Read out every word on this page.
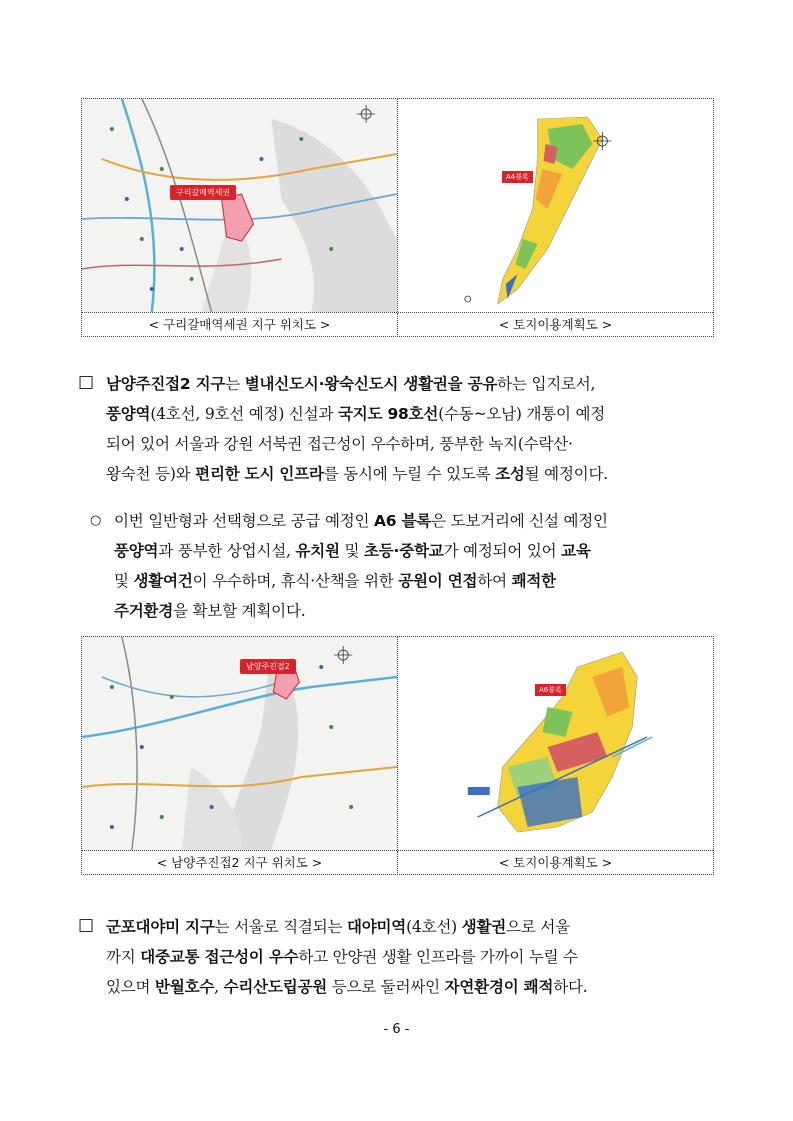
구리갈매역세권
A4블록
< 구리갈매역세권 지구 위치도 >	< 토지이용계획도 >
□ 남양주진접2 지구는 별내신도시·왕숙신도시 생활권을 공유하는 입지로서,
풍양역(4호선, 9호선 예정) 신설과 국지도 98호선(수동~오남) 개통이 예정
되어 있어 서울과 강원 서북권 접근성이 우수하며, 풍부한 녹지(수락산·
왕숙천 등)와 편리한 도시 인프라를 동시에 누릴 수 있도록 조성될 예정이다.
○ 이번 일반형과 선택형으로 공급 예정인 A6 블록은 도보거리에 신설 예정인
풍양역과 풍부한 상업시설, 유치원 및 초등·중학교가 예정되어 있어 교육
및 생활여건이 우수하며, 휴식·산책을 위한 공원이 연접하여 쾌적한
주거환경을 확보할 계획이다.
남양주진접2
A6블록
< 남양주진접2 지구 위치도 >	< 토지이용계획도 >
□ 군포대야미 지구는 서울로 직결되는 대야미역(4호선) 생활권으로 서울
까지 대중교통 접근성이 우수하고 안양권 생활 인프라를 가까이 누릴 수
있으며 반월호수, 수리산도립공원 등으로 둘러싸인 자연환경이 쾌적하다.
- 6 -
